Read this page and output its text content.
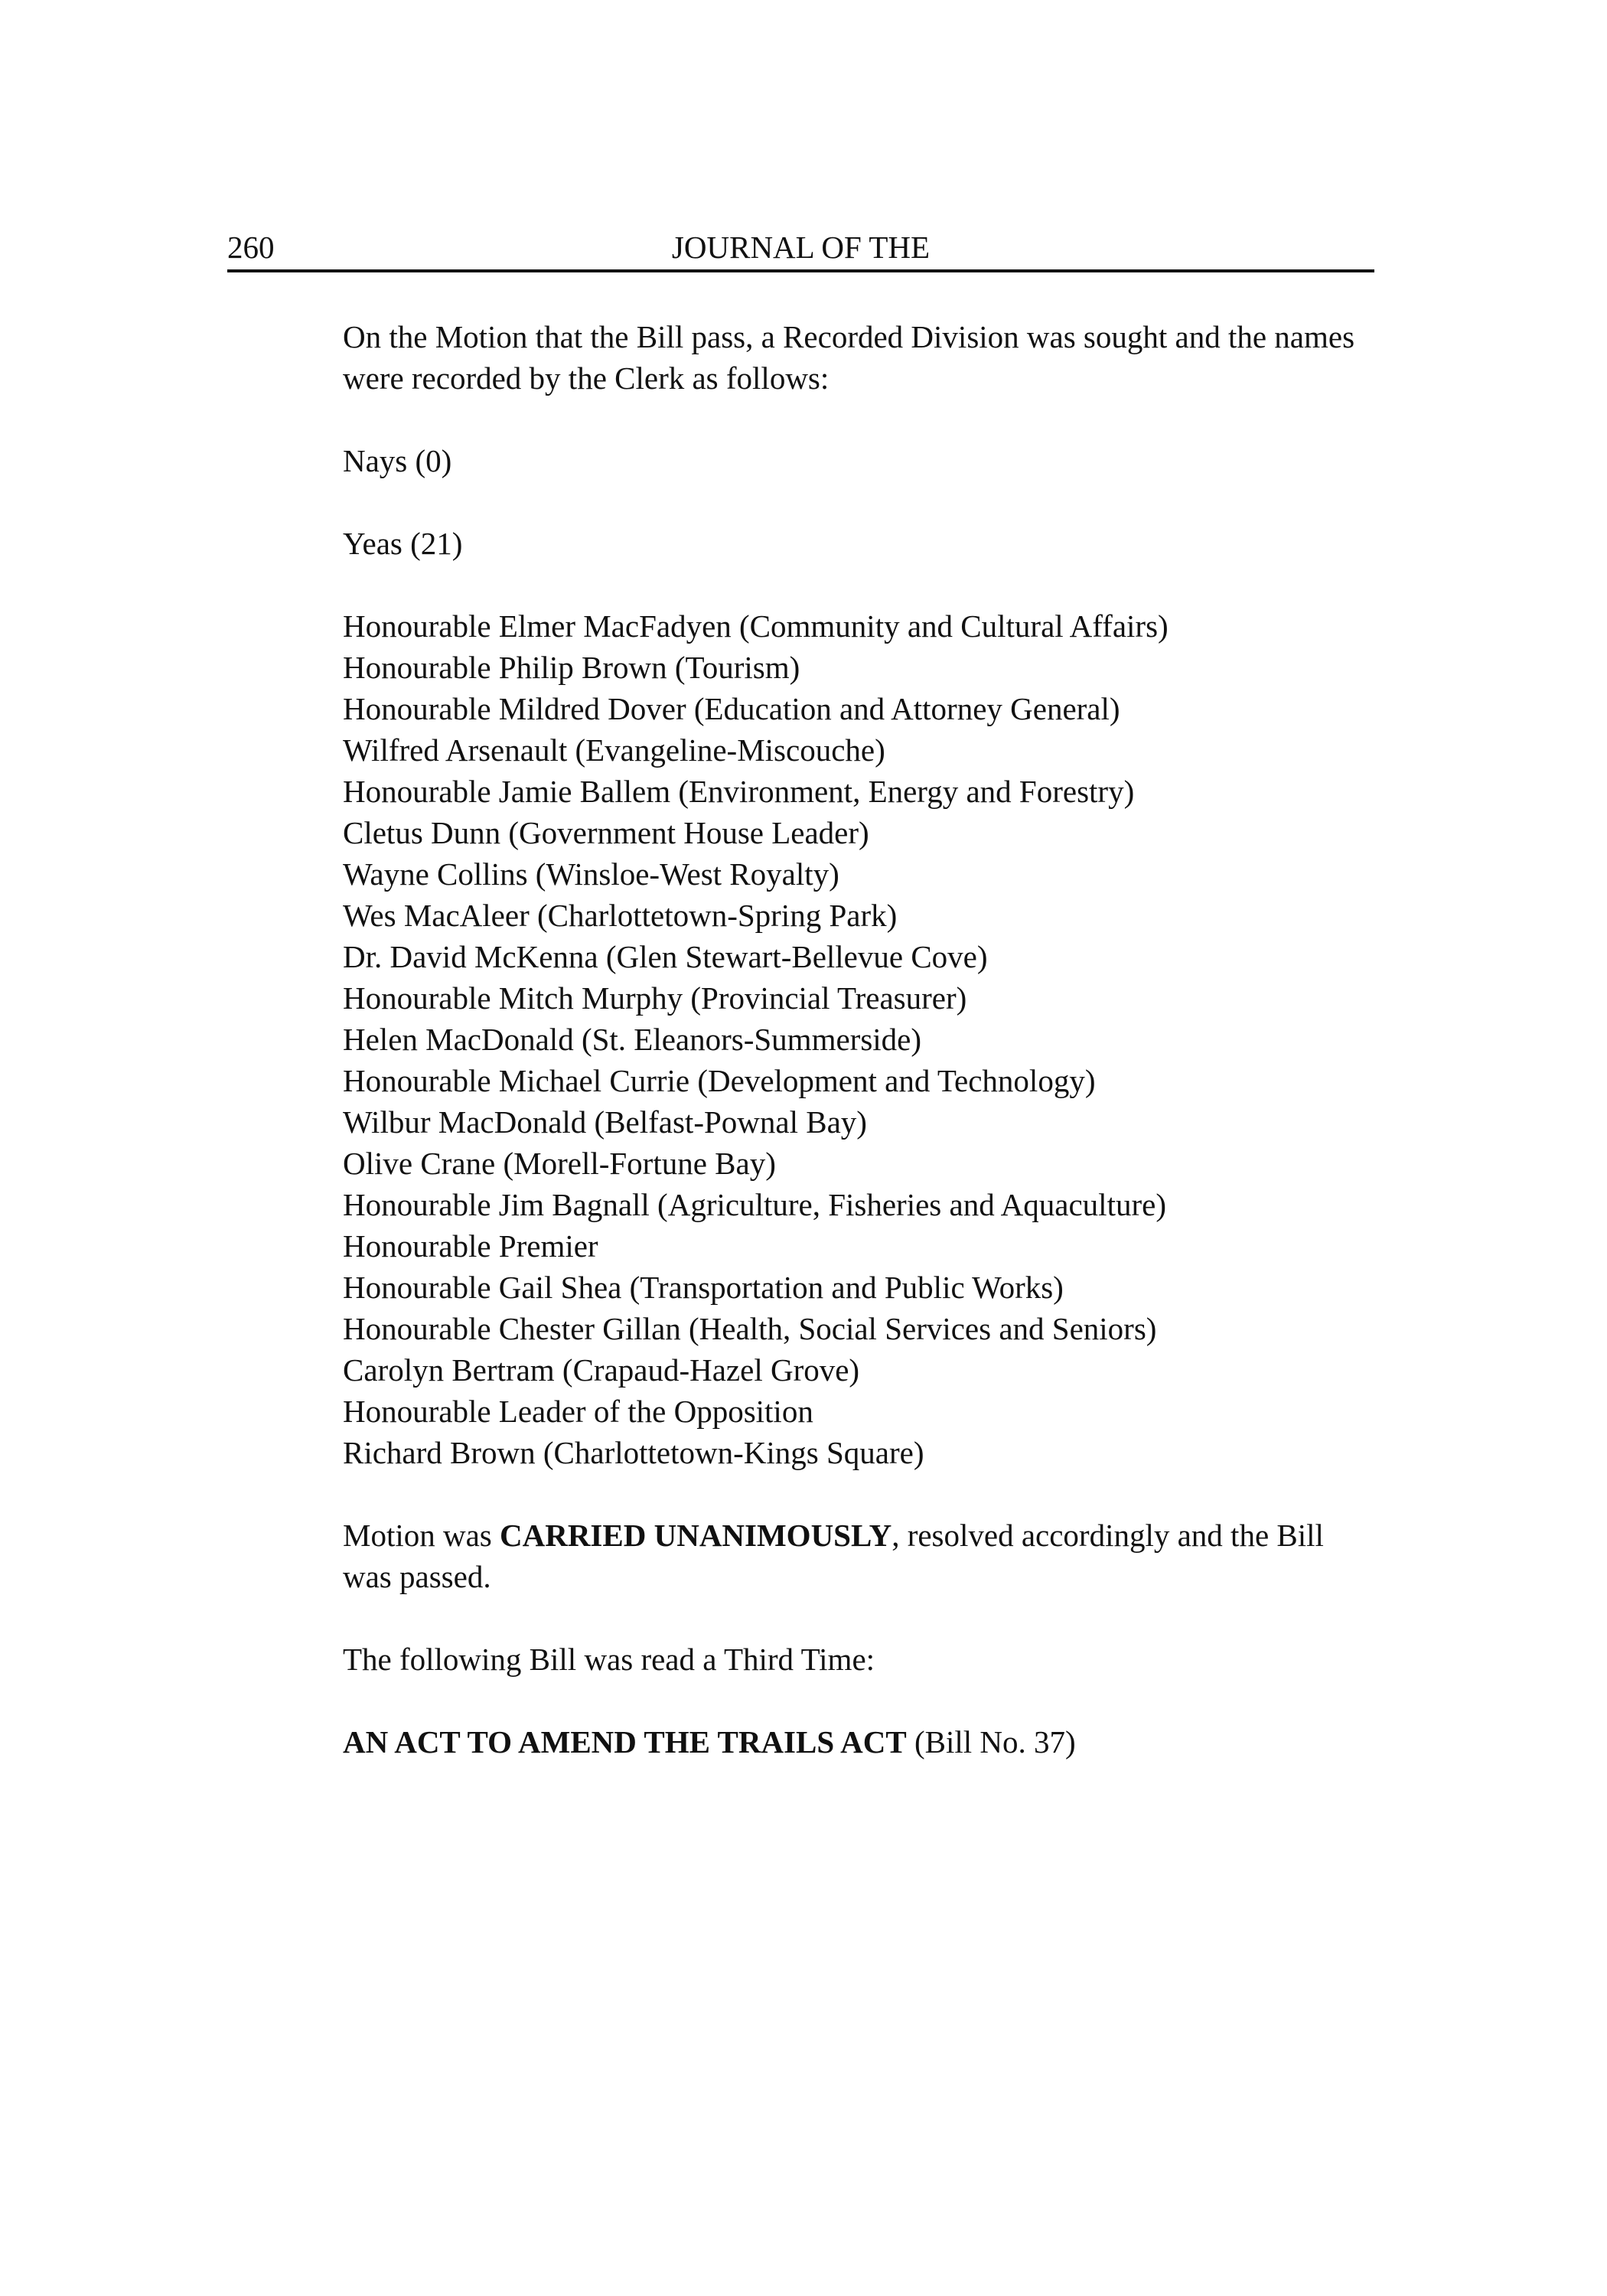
260	JOURNAL OF THE

On the Motion that the Bill pass, a Recorded Division was sought and the names were recorded by the Clerk as follows:

Nays (0)

Yeas (21)

Honourable Elmer MacFadyen (Community and Cultural Affairs)
Honourable Philip Brown (Tourism)
Honourable Mildred Dover (Education and Attorney General)
Wilfred Arsenault (Evangeline-Miscouche)
Honourable Jamie Ballem (Environment, Energy and Forestry)
Cletus Dunn (Government House Leader)
Wayne Collins (Winsloe-West Royalty)
Wes MacAleer (Charlottetown-Spring Park)
Dr. David McKenna (Glen Stewart-Bellevue Cove)
Honourable Mitch Murphy (Provincial Treasurer)
Helen MacDonald (St. Eleanors-Summerside)
Honourable Michael Currie (Development and Technology)
Wilbur MacDonald (Belfast-Pownal Bay)
Olive Crane (Morell-Fortune Bay)
Honourable Jim Bagnall (Agriculture, Fisheries and Aquaculture)
Honourable Premier
Honourable Gail Shea (Transportation and Public Works)
Honourable Chester Gillan (Health, Social Services and Seniors)
Carolyn Bertram (Crapaud-Hazel Grove)
Honourable Leader of the Opposition
Richard Brown (Charlottetown-Kings Square)

Motion was CARRIED UNANIMOUSLY, resolved accordingly and the Bill was passed.

The following Bill was read a Third Time:

AN ACT TO AMEND THE TRAILS ACT (Bill No. 37)
